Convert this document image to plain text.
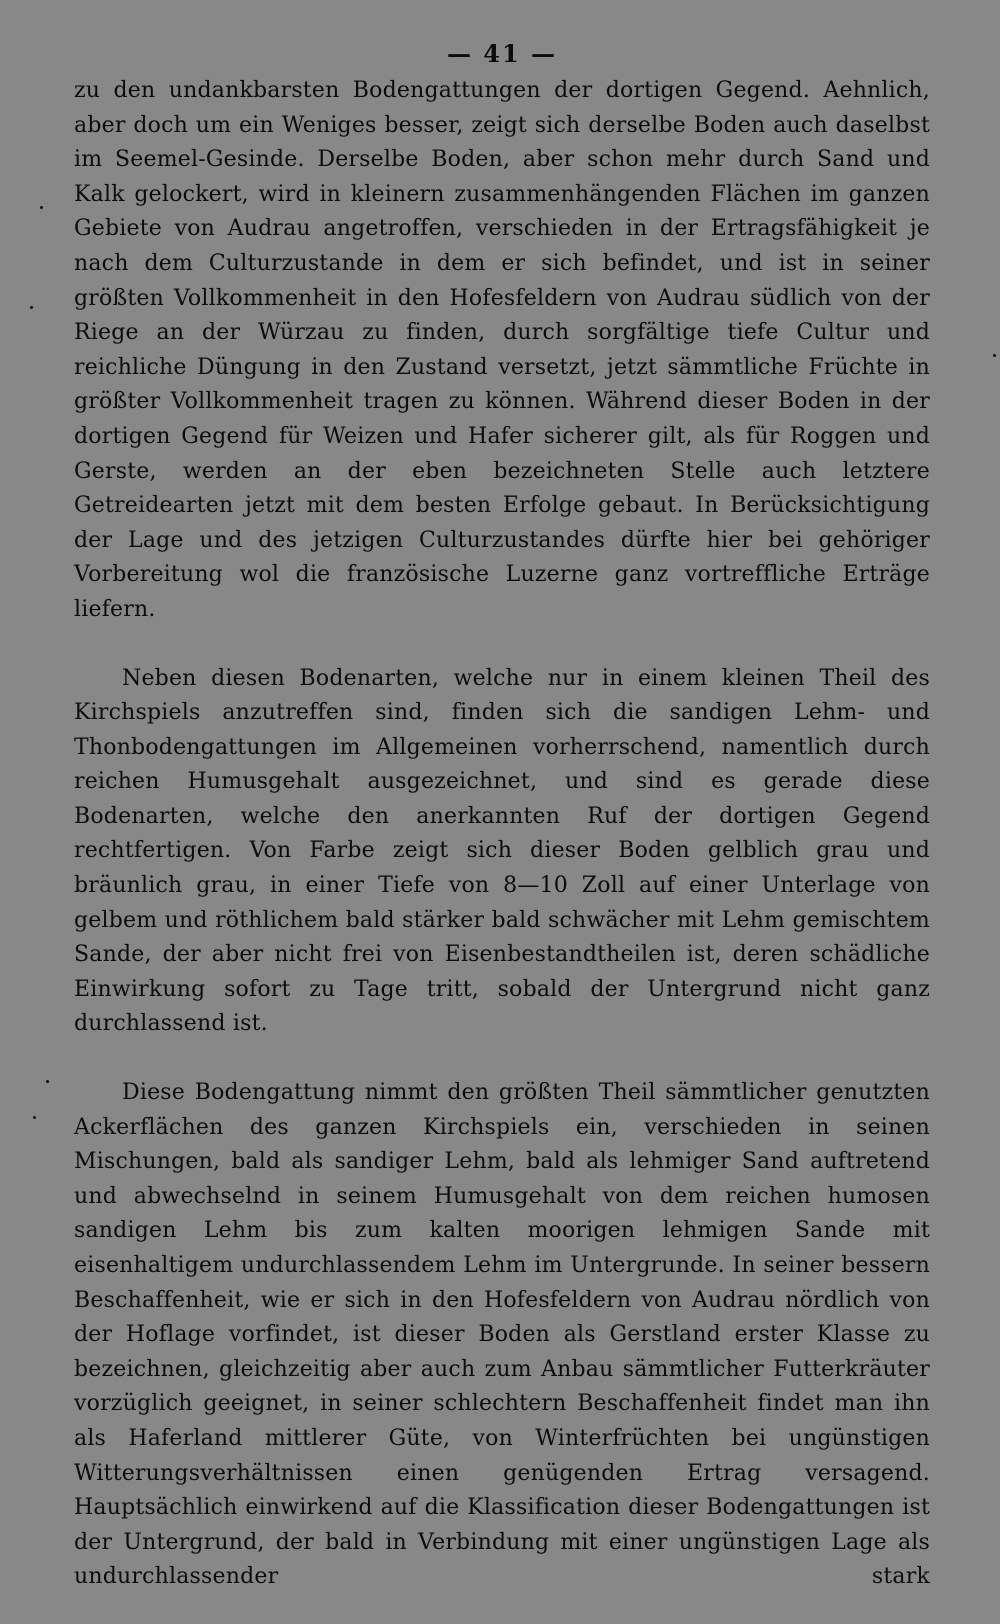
— 41 —

zu den undankbarsten Bodengattungen der dortigen Gegend. Aehnlich, aber doch um ein Weniges besser, zeigt sich derselbe Boden auch daselbst im Seemel-Gesinde. Derselbe Boden, aber schon mehr durch Sand und Kalk gelockert, wird in kleinern zusammenhängenden Flächen im ganzen Gebiete von Audrau angetroffen, verschieden in der Ertragsfähigkeit je nach dem Culturzustande in dem er sich befindet, und ist in seiner größten Vollkommenheit in den Hofesfeldern von Audrau südlich von der Riege an der Würzau zu finden, durch sorgfältige tiefe Cultur und reichliche Düngung in den Zustand versetzt, jetzt sämmtliche Früchte in größter Vollkommenheit tragen zu können. Während dieser Boden in der dortigen Gegend für Weizen und Hafer sicherer gilt, als für Roggen und Gerste, werden an der eben bezeichneten Stelle auch letztere Getreidearten jetzt mit dem besten Erfolge gebaut. In Berücksichtigung der Lage und des jetzigen Culturzustandes dürfte hier bei gehöriger Vorbereitung wol die französische Luzerne ganz vortreffliche Erträge liefern.

Neben diesen Bodenarten, welche nur in einem kleinen Theil des Kirchspiels anzutreffen sind, finden sich die sandigen Lehm- und Thonbodengattungen im Allgemeinen vorherrschend, namentlich durch reichen Humusgehalt ausgezeichnet, und sind es gerade diese Bodenarten, welche den anerkannten Ruf der dortigen Gegend rechtfertigen. Von Farbe zeigt sich dieser Boden gelblich grau und bräunlich grau, in einer Tiefe von 8—10 Zoll auf einer Unterlage von gelbem und röthlichem bald stärker bald schwächer mit Lehm gemischtem Sande, der aber nicht frei von Eisenbestandtheilen ist, deren schädliche Einwirkung sofort zu Tage tritt, sobald der Untergrund nicht ganz durchlassend ist.

Diese Bodengattung nimmt den größten Theil sämmtlicher genutzten Ackerflächen des ganzen Kirchspiels ein, verschieden in seinen Mischungen, bald als sandiger Lehm, bald als lehmiger Sand auftretend und abwechselnd in seinem Humusgehalt von dem reichen humosen sandigen Lehm bis zum kalten moorigen lehmigen Sande mit eisenhaltigem undurchlassendem Lehm im Untergrunde. In seiner bessern Beschaffenheit, wie er sich in den Hofesfeldern von Audrau nördlich von der Hoflage vorfindet, ist dieser Boden als Gerstland erster Klasse zu bezeichnen, gleichzeitig aber auch zum Anbau sämmtlicher Futterkräuter vorzüglich geeignet, in seiner schlechtern Beschaffenheit findet man ihn als Haferland mittlerer Güte, von Winterfrüchten bei ungünstigen Witterungsverhältnissen einen genügenden Ertrag versagend. Hauptsächlich einwirkend auf die Klassification dieser Bodengattungen ist der Untergrund, der bald in Verbindung mit einer ungünstigen Lage als undurchlassender stark
